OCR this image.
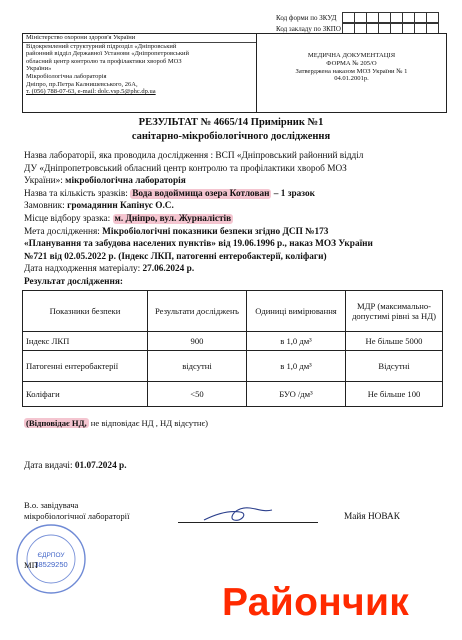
Код форми по ЗКУД
Код закладу по ЗКПО
Міністерство охорони здоров'я України
Відокремлений структурний підрозділ «Дніпровський
районний відділ Державної Установи «Дніпропетровський
обласний центр контролю та профілактики хвороб МОЗ
України»
Мікробіологічна лабораторія
Дніпро, пр.Петра Калнишевського, 26А,
т. (056) 788-07-63, e-mail: dolc.vsp.5@phc.dp.ua
МЕДИЧНА ДОКУМЕНТАЦІЯ
ФОРМА № 205/О
Затверджена наказом МОЗ України № 1
04.01.2001р.
РЕЗУЛЬТАТ № 4665/14 Примірник №1
санітарно-мікробіологічного дослідження
Назва лабораторії, яка проводила дослідження : ВСП «Дніпровський районний відділ
ДУ «Дніпропетровський обласний центр контролю та профілактики хвороб МОЗ
України»: мікробіологічна лабораторія
Назва та кількість зразків: Вода водоймища озера Котлован – 1 зразок
Замовник: громадянин Капінус О.С.
Місце відбору зразка: м. Дніпро, вул. Журналістів
Мета дослідження: Мікробіологічні показники безпеки згідно ДСП №173
«Планування та забудова населених пунктів» від 19.06.1996 р., наказ МОЗ України
№721 від 02.05.2022 р. (Індекс ЛКП, патогенні ентеробактерії, коліфаги)
Дата надходження матеріалу: 27.06.2024 р.
Результат дослідження:
Показники безпеки	Результати дослідженъ	Одиниці вимірювання	МДР (максимально-допустимі рівні за НД)
Індекс ЛКП	900	в 1,0 дм³	Не більше 5000
Патогенні ентеробактерії	відсутні	в 1,0 дм³	Відсутні
Коліфаги	<50	БУО /дм³	Не більше 100
(Відповідає НД, не відповідає НД , НД відсутнє)
Дата видачі: 01.07.2024 р.
В.о. завідувача
мікробіологічної лабораторії	Майя НОВАК
ЄДРПОУ
38529250
МП
Райончик
